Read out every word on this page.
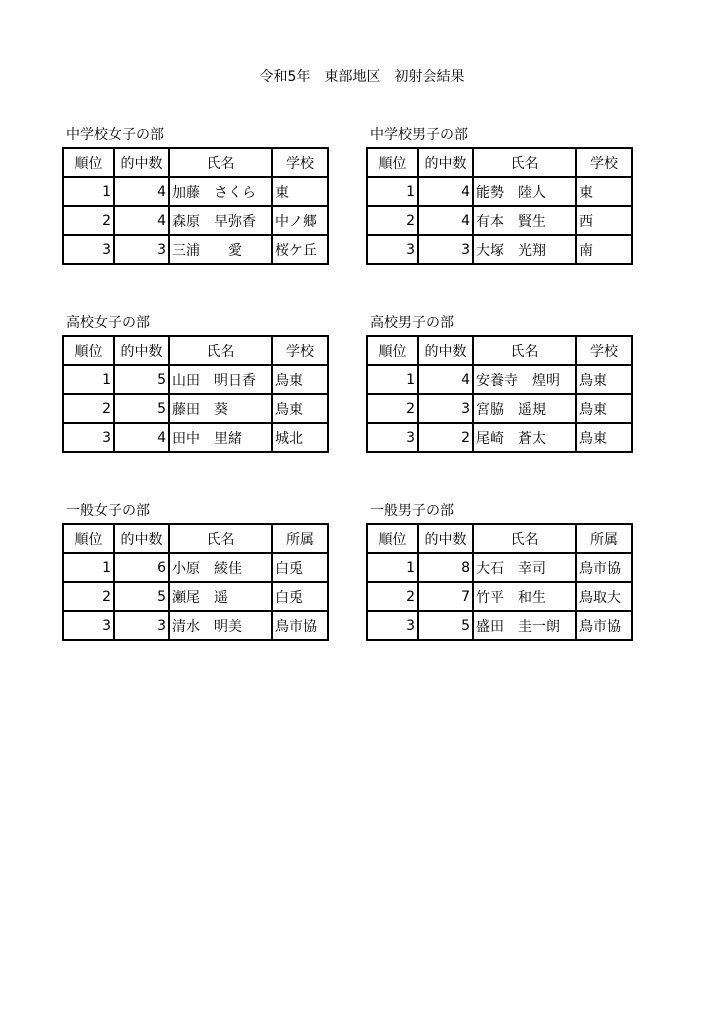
令和5年　東部地区　初射会結果
中学校女子の部
順位	的中数	氏名	学校
1	4	加藤　さくら	東
2	4	森原　早弥香	中ノ郷
3	3	三浦　　愛	桜ケ丘
中学校男子の部
順位	的中数	氏名	学校
1	4	能勢　陸人	東
2	4	有本　賢生	西
3	3	大塚　光翔	南
高校女子の部
順位	的中数	氏名	学校
1	5	山田　明日香	鳥東
2	5	藤田　葵	鳥東
3	4	田中　里緒	城北
高校男子の部
順位	的中数	氏名	学校
1	4	安養寺　煌明	鳥東
2	3	宮脇　遥規	鳥東
3	2	尾崎　蒼太	鳥東
一般女子の部
順位	的中数	氏名	所属
1	6	小原　綾佳	白兎
2	5	瀬尾　遥	白兎
3	3	清水　明美	鳥市協
一般男子の部
順位	的中数	氏名	所属
1	8	大石　幸司	鳥市協
2	7	竹平　和生	鳥取大
3	5	盛田　圭一朗	鳥市協
